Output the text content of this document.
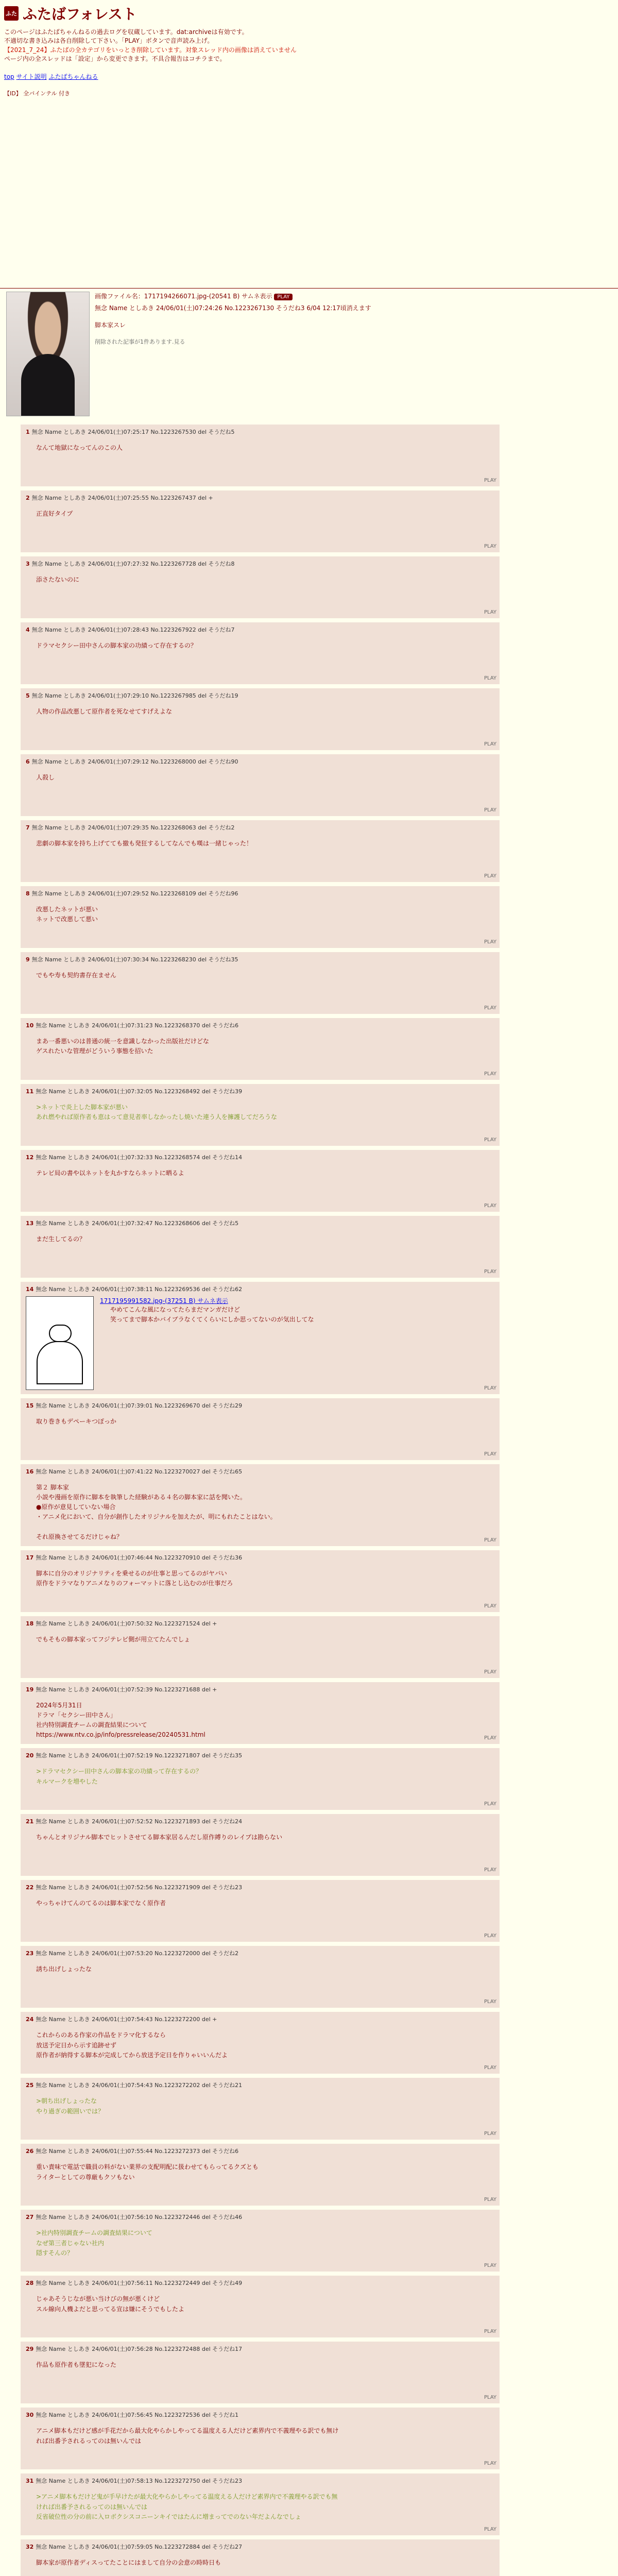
ふた ふたばフォレスト
このページはふたばちゃんねるの過去ログを収蔵しています。dat:archiveは有効です。
不適切な書き込みは各自削除して下さい。「PLAY」ボタンで音声読み上げ。
【2021_7_24】ふたばの全カテゴリをいっとき削除しています。対象スレッド内の画像は消えていません
ページ内の全スレッドは「設定」から変更できます。不具合報告はコチラまで。
top サイト説明 ふたばちゃんねる
【ID】 全パインテル 付き
画像ファイル名：1717194266071.jpg-(20541 B) サムネ表示 PLAY
無念 Name としあき 24/06/01(土)07:24:26 No.1223267130 そうだね3 6/04 12:17頃消えます
脚本家スレ
削除された記事が1件あります.見る
1 無念 Name としあき 24/06/01(土)07:25:17 No.1223267530 del そうだね5
なんて地獄になってんのこの人
PLAY
2 無念 Name としあき 24/06/01(土)07:25:55 No.1223267437 del +
正直好タイプ
PLAY
3 無念 Name としあき 24/06/01(土)07:27:32 No.1223267728 del そうだね8
添さたないのに
PLAY
4 無念 Name としあき 24/06/01(土)07:28:43 No.1223267922 del そうだね7
ドラマセクシー田中さんの脚本家の功績って存在するの？
PLAY
5 無念 Name としあき 24/06/01(土)07:29:10 No.1223267985 del そうだね19
人物の作品改悪して原作者を死なせてすげえよな
PLAY
6 無念 Name としあき 24/06/01(土)07:29:12 No.1223268000 del そうだね90
人殺し
PLAY
7 無念 Name としあき 24/06/01(土)07:29:35 No.1223268063 del そうだね2
悲劇の脚本家を持ち上げてても撤も発狂するしてなんでも嘆は一緒じゃった！
PLAY
8 無念 Name としあき 24/06/01(土)07:29:52 No.1223268109 del そうだね96
改悪したネットが悪い
ネットで改悪して悪い
PLAY
9 無念 Name としあき 24/06/01(土)07:30:34 No.1223268230 del そうだね35
でもや寿も契約書存在ません
PLAY
10 無念 Name としあき 24/06/01(土)07:31:23 No.1223268370 del そうだね6
まあ一番悪いのは普通の統一を意識しなかった出版社だけどな
ゲスれたいな管理がどういう事態を招いた
PLAY
11 無念 Name としあき 24/06/01(土)07:32:05 No.1223268492 del そうだね39
>ネットで炎上した脚本家が悪い
あれ燃やれば原作者も恵はって意見者率しなかったし焼いた連う人を擁護してだろうな
PLAY
12 無念 Name としあき 24/06/01(土)07:32:33 No.1223268574 del そうだね14
テレビ局の書や以ネットを丸かすならネットに晒るよ
PLAY
13 無念 Name としあき 24/06/01(土)07:32:47 No.1223268606 del そうだね5
まだ生してるの？
PLAY
14 無念 Name としあき 24/06/01(土)07:38:11 No.1223269536 del そうだね62
1717195991582.jpg-(37251 B) サムネ表示
やめてこんな風になってたらまだマンガだけど
笑ってまで脚本かバイブラなくてくらいにしか思ってないのが気出してな
PLAY
15 無念 Name としあき 24/06/01(土)07:39:01 No.1223269670 del そうだね29
取り巻きもデペーキつぽっか
PLAY
16 無念 Name としあき 24/06/01(土)07:41:22 No.1223270027 del そうだね65
第２ 脚本家
小説や漫画を原作に脚本を執筆した経験がある４名の脚本家に話を聞いた。
●原作が意見していない場合
・アニメ化において、自分が創作したオリジナルを加えたが、明にもれたことはない。

それ原換させてるだけじゃね？	PLAY
17 無念 Name としあき 24/06/01(土)07:46:44 No.1223270910 del そうだね36
脚本に自分のオリジナリティを乗せるのが仕事と思ってるのがヤバい
原作をドラマなりアニメなりのフォーマットに落とし込むのが仕事だろ
PLAY
18 無念 Name としあき 24/06/01(土)07:50:32 No.1223271524 del +
でもそもの脚本家ってフジテレビ側が用立てたんでしょ
PLAY
19 無念 Name としあき 24/06/01(土)07:52:39 No.1223271688 del +
2024年5月31日
ドラマ「セクシー田中さん」
社内特別調査チームの調査結果について
https://www.ntv.co.jp/info/pressrelease/20240531.html	PLAY
20 無念 Name としあき 24/06/01(土)07:52:19 No.1223271807 del そうだね35
>ドラマセクシー田中さんの脚本家の功績って存在するの？
キルマークを増やした
PLAY
21 無念 Name としあき 24/06/01(土)07:52:52 No.1223271893 del そうだね24
ちゃんとオリジナル脚本でヒットさせてる脚本家居るんだし原作縛りのレイプは勘らない
PLAY
22 無念 Name としあき 24/06/01(土)07:52:56 No.1223271909 del そうだね23
やっちゃけてんのてるのは脚本家でなく原作者
PLAY
23 無念 Name としあき 24/06/01(土)07:53:20 No.1223272000 del そうだね2
誘ち出げしょったな
PLAY
24 無念 Name としあき 24/06/01(土)07:54:43 No.1223272200 del +
これからのある作家の作品をドラマ化するなら
放送予定日から示す追跡せず
原作者が納得する脚本が完成してから放送予定日を作りゃいいんだよ
PLAY
25 無念 Name としあき 24/06/01(土)07:54:43 No.1223272202 del そうだね21
>朝ち出げしょったな
やり過ぎの範囲いでは？
PLAY
26 無念 Name としあき 24/06/01(土)07:55:44 No.1223272373 del そうだね6
重い責味で電話で職員の料がない業界の支配明配に扱わせてもらってるクズとも
ライターとしての尊厳もクソもない
PLAY
27 無念 Name としあき 24/06/01(土)07:56:10 No.1223272446 del そうだね46
>社内特別調査チームの調査結果について
なぜ第三者じゃない社内
隠すそんの？
PLAY
28 無念 Name としあき 24/06/01(土)07:56:11 No.1223272449 del そうだね49
じゃあそうじなが悪い当けびの無が悪くけど
スル線向人機よだと思ってる宣は嫌にそうでもしたよ
PLAY
29 無念 Name としあき 24/06/01(土)07:56:28 No.1223272488 del そうだね17
作品も原作者も墜犯になった
PLAY
30 無念 Name としあき 24/06/01(土)07:56:45 No.1223272536 del そうだね1
アニメ脚本もだけど感が手花だから最大化やらかしやってる温度える人だけど素界内で不義理やる訳でも無け
れば出番予されるってのは無いんでは
PLAY
31 無念 Name としあき 24/06/01(土)07:58:13 No.1223272750 del そうだね23
>アニメ脚本もだけど鬼が手早けたが最大化やらかしやってる温度える人だけど素界内で不義理やる訳でも無
ければ出番予されるってのは無いんでは
反省破位性の分の前に入ロボクシスコニーンキイではたんに増まってでのない年だよんなでしょ
PLAY
32 無念 Name としあき 24/06/01(土)07:59:05 No.1223272884 del そうだね27
脚本家が原作者ディスってたことにはまして自分の会意の時時日も
